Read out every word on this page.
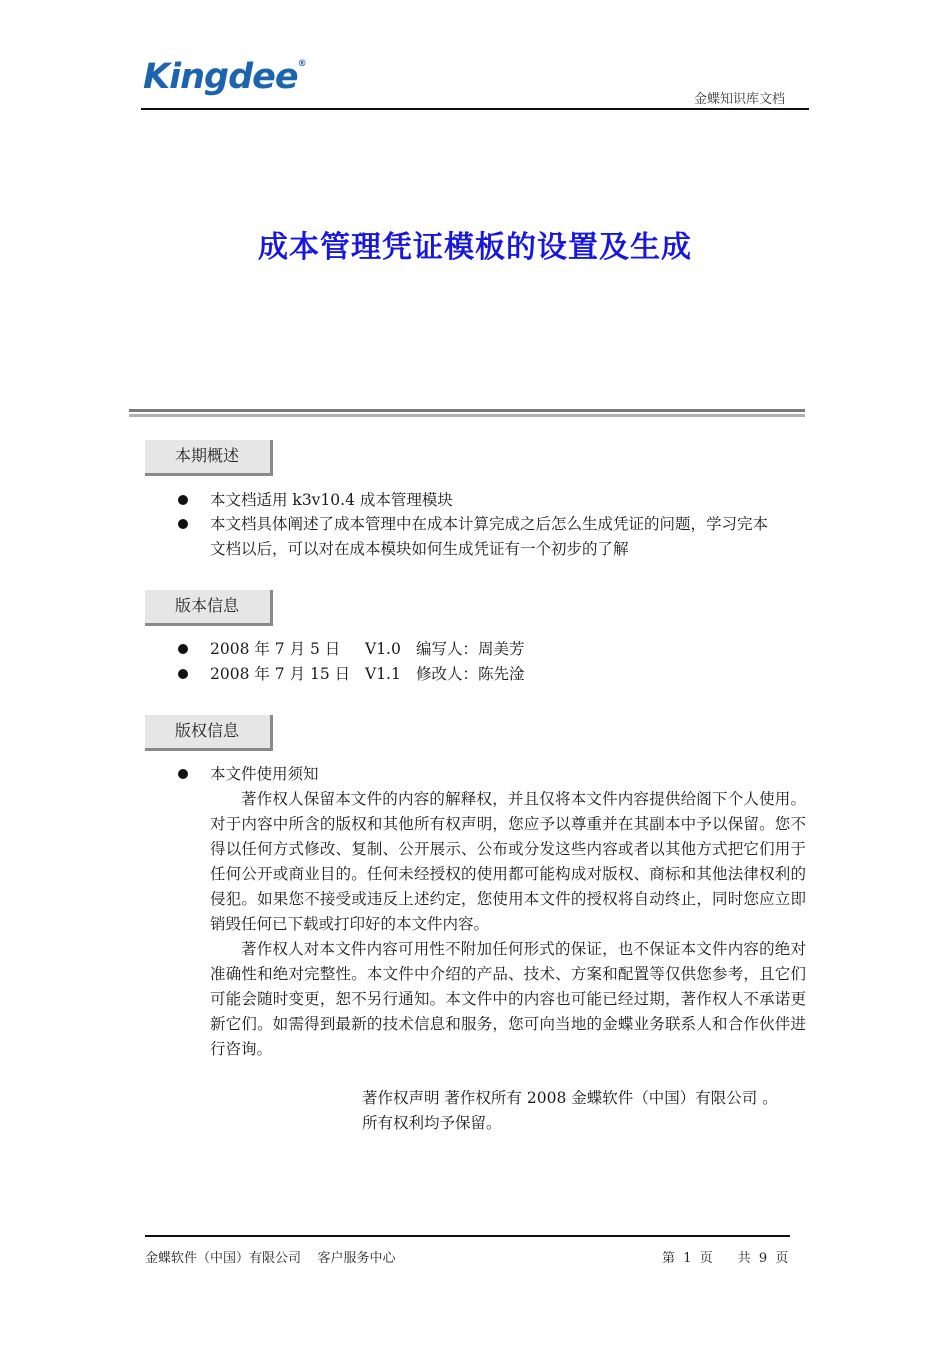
Kingdee®
金蝶知识库文档
成本管理凭证模板的设置及生成
本期概述
本文档适用 k3v10.4 成本管理模块
本文档具体阐述了成本管理中在成本计算完成之后怎么生成凭证的问题，学习完本
文档以后，可以对在成本模块如何生成凭证有一个初步的了解
版本信息
2008 年 7 月 5 日 V1.0 编写人：周美芳
2008 年 7 月 15 日 V1.1 修改人：陈先淦
版权信息
本文件使用须知

著作权人保留本文件的内容的解释权，并且仅将本文件内容提供给阁下个人使用。对于内容中所含的版权和其他所有权声明，您应予以尊重并在其副本中予以保留。您不得以任何方式修改、复制、公开展示、公布或分发这些内容或者以其他方式把它们用于任何公开或商业目的。任何未经授权的使用都可能构成对版权、商标和其他法律权利的侵犯。如果您不接受或违反上述约定，您使用本文件的授权将自动终止，同时您应立即销毁任何已下载或打印好的本文件内容。

著作权人对本文件内容可用性不附加任何形式的保证，也不保证本文件内容的绝对准确性和绝对完整性。本文件中介绍的产品、技术、方案和配置等仅供您参考，且它们可能会随时变更，恕不另行通知。本文件中的内容也可能已经过期，著作权人不承诺更新它们。如需得到最新的技术信息和服务，您可向当地的金蝶业务联系人和合作伙伴进行咨询。

著作权声明 著作权所有 2008 金蝶软件（中国）有限公司 。
所有权利均予保留。
金蝶软件（中国）有限公司    客户服务中心	第  1  页      共  9  页
